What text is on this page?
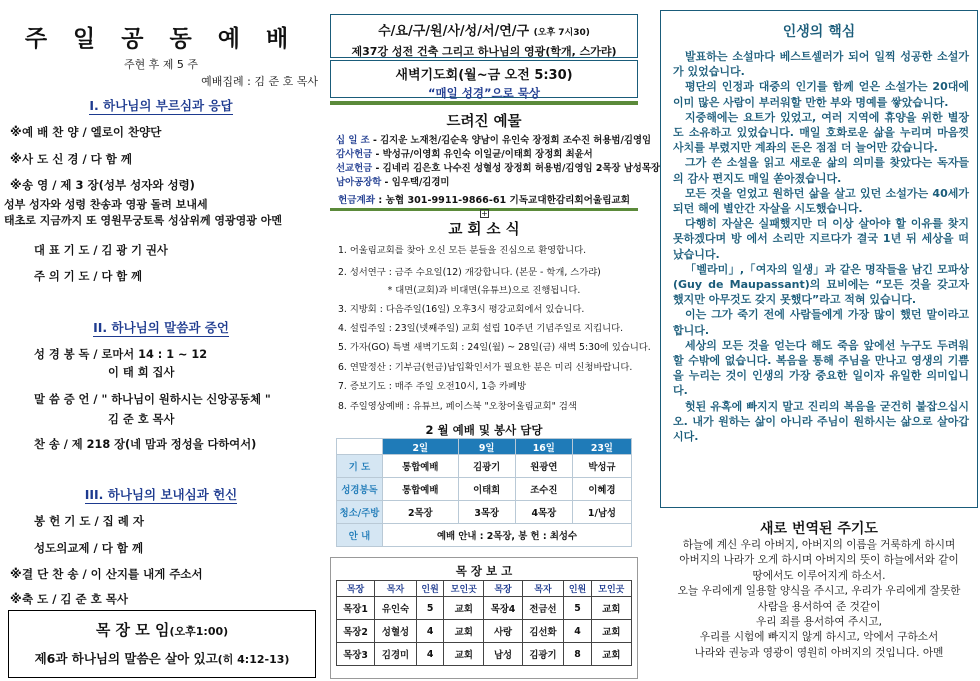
주 일 공 동 예 배
주현 후 제 5 주
예배집례 : 김 준 호 목사
I. 하나님의 부르심과 응답
※예 배 찬 양 / 엘로이 찬양단
※사 도 신 경 / 다 함 께
※송 영 / 제 3 장(성부 성자와 성령)
성부 성자와 성령 찬송과 영광 돌려 보내세
태초로 지금까지 또 영원무궁토록 성삼위께 영광영광 아멘
대 표 기 도 / 김 광 기 권사
주 의 기 도 / 다 함 께
II. 하나님의 말씀과 증언
성 경 봉 독 / 로마서 14 : 1 ~ 12
이 태 희 집사
말 씀 증 언 / " 하나님이 원하시는 신앙공동체 "
김 준 호 목사
찬 송 / 제 218 장(네 맘과 정성을 다하여서)
III. 하나님의 보내심과 헌신
봉 헌 기 도 / 집 례 자
성도의교제 / 다 함 께
※결 단 찬 송 / 이 산지를 내게 주소서
※축 도 / 김 준 호 목사
목 장 모 임(오후1:00)
제6과 하나님의 말씀은 살아 있고(히 4:12-13)
수/요/구/원/사/성/서/연/구 (오후 7시30)
제37강 성전 건축 그리고 하나님의 영광(학개, 스가랴)
새벽기도회(월~금 오전 5:30)
“매일 성경”으로 묵상
드려진 예물
십 일 조 - 김지운 노재천/김순옥 양남이 유인숙 장정희 조수진 허용범/김영임
감사헌금 - 박성규/이영희 유인숙 이일균/이태희 장정희 최윤서
선교헌금 - 김네리 김은호 나수진 성혈성 장정희 허용범/김영임 2목장 남성목장
남아공장학 - 임우택/김경미
헌금계좌 : 농협 301-9911-9866-61 기독교대한감리회어울림교회
+
교 회 소 식
1. 어울림교회를 찾아 오신 모든 분들을 진심으로 환영합니다.
2. 성서연구 : 금주 수요일(12) 개강합니다. (본문 - 학개, 스가랴)
* 대면(교회)과 비대면(유튜브)으로 진행됩니다.
3. 지방회 : 다음주일(16일) 오후3시 평강교회에서 있습니다.
4. 설립주일 : 23일(넷째주일) 교회 설립 10주년 기념주일로 지킵니다.
5. 가자(GO) 특별 새벽기도회 : 24일(월) ~ 28일(금) 새벽 5:30에 있습니다.
6. 연말정산 : 기부금(헌금)납입확인서가 필요한 분은 미리 신청바랍니다.
7. 증보기도 : 매주 주일 오전10시, 1층 카페방
8. 주일영상예배 : 유튜브, 페이스북 "오창어울림교회" 검색
2 월 예배 및 봉사 담당
	2일	9일	16일	23일
기 도	통합예배	김광기	원광연	박성규
성경봉독	통합예배	이태희	조수진	이혜경
청소/주방	2목장	3목장	4목장	1/남성
안 내	예배 안내 : 2목장, 봉 헌 : 최성수			
목 장 보 고
목장	목자	인원	모인곳	목장	목자	인원	모인곳
목장1	유인숙	5	교회	목장4	전금선	5	교회
목장2	성혈성	4	교회	사랑	김선화	4	교회
목장3	김경미	4	교회	남성	김광기	8	교회
인생의 핵심

발표하는 소설마다 베스트셀러가 되어 일찍 성공한 소설가가 있었습니다.

평단의 인정과 대중의 인기를 함께 얻은 소설가는 20대에 이미 많은 사람이 부러워할 만한 부와 명예를 쌓았습니다.

지중해에는 요트가 있었고, 여러 지역에 휴양을 위한 별장도 소유하고 있었습니다. 매일 호화로운 삶을 누리며 마음껏 사치를 부렸지만 계좌의 돈은 점점 더 늘어만 갔습니다.

그가 쓴 소설을 읽고 새로운 삶의 의미를 찾았다는 독자들의 감사 편지도 매일 쏟아졌습니다.

모든 것을 얻었고 원하던 삶을 살고 있던 소설가는 40세가 되던 해에 별안간 자살을 시도했습니다.

다행히 자살은 실패했지만 더 이상 살아야 할 이유를 찾지 못하겠다며 방 에서 소리만 지르다가 결국 1년 뒤 세상을 떠났습니다.

「벨라미」,「여자의 일생」과 같은 명작들을 남긴 모파상(Guy de Maupassant)의 묘비에는 “모든 것을 갖고자 했지만 아무것도 갖지 못했다”라고 적혀 있습니다.

이는 그가 죽기 전에 사람들에게 가장 많이 했던 말이라고 합니다.

세상의 모든 것을 얻는다 해도 죽음 앞에선 누구도 두려워할 수밖에 없습니다. 복음을 통해 주님을 만나고 영생의 기쁨을 누리는 것이 인생의 가장 중요한 일이자 유일한 의미입니다.

헛된 유혹에 빠지지 말고 진리의 복음을 굳건히 붙잡으십시오. 내가 원하는 삶이 아니라 주님이 원하시는 삶으로 살아갑시다.

새로 번역된 주기도
하늘에 계신 우리 아버지, 아버지의 이름을 거룩하게 하시며
아버지의 나라가 오게 하시며 아버지의 뜻이 하늘에서와 같이
땅에서도 이루어지게 하소서.
오늘 우리에게 일용할 양식을 주시고, 우리가 우리에게 잘못한
사람을 용서하여 준 것같이
우리 죄를 용서하여 주시고,
우리를 시험에 빠지지 않게 하시고, 악에서 구하소서
나라와 권능과 영광이 영원히 아버지의 것입니다. 아멘
